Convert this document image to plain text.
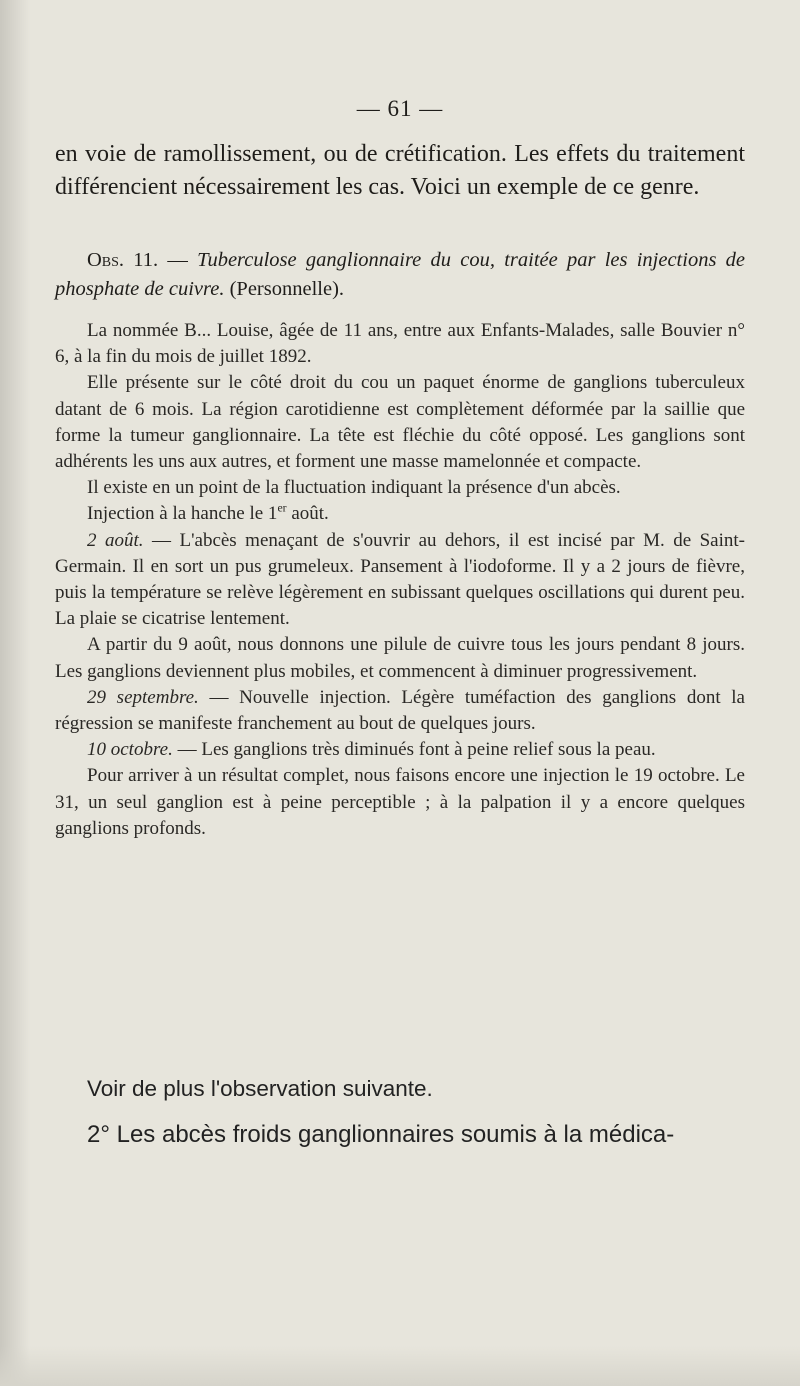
— 61 —

en voie de ramollissement, ou de crétification. Les effets du traitement différencient nécessairement les cas. Voici un exemple de ce genre.

Obs. 11. — Tuberculose ganglionnaire du cou, traitée par les injections de phosphate de cuivre. (Personnelle).

La nommée B... Louise, âgée de 11 ans, entre aux Enfants-Malades, salle Bouvier n° 6, à la fin du mois de juillet 1892.

Elle présente sur le côté droit du cou un paquet énorme de ganglions tuberculeux datant de 6 mois. La région carotidienne est complètement déformée par la saillie que forme la tumeur ganglionnaire. La tête est fléchie du côté opposé. Les ganglions sont adhérents les uns aux autres, et forment une masse mamelonnée et compacte.

Il existe en un point de la fluctuation indiquant la présence d'un abcès.

Injection à la hanche le 1er août.

2 août. — L'abcès menaçant de s'ouvrir au dehors, il est incisé par M. de Saint-Germain. Il en sort un pus grumeleux. Pansement à l'iodoforme. Il y a 2 jours de fièvre, puis la température se relève légèrement en subissant quelques oscillations qui durent peu. La plaie se cicatrise lentement.

A partir du 9 août, nous donnons une pilule de cuivre tous les jours pendant 8 jours. Les ganglions deviennent plus mobiles, et commencent à diminuer progressivement.

29 septembre. — Nouvelle injection. Légère tuméfaction des ganglions dont la régression se manifeste franchement au bout de quelques jours.

10 octobre. — Les ganglions très diminués font à peine relief sous la peau.

Pour arriver à un résultat complet, nous faisons encore une injection le 19 octobre. Le 31, un seul ganglion est à peine perceptible ; à la palpation il y a encore quelques ganglions profonds.

Voir de plus l'observation suivante.

2° Les abcès froids ganglionnaires soumis à la médica-
